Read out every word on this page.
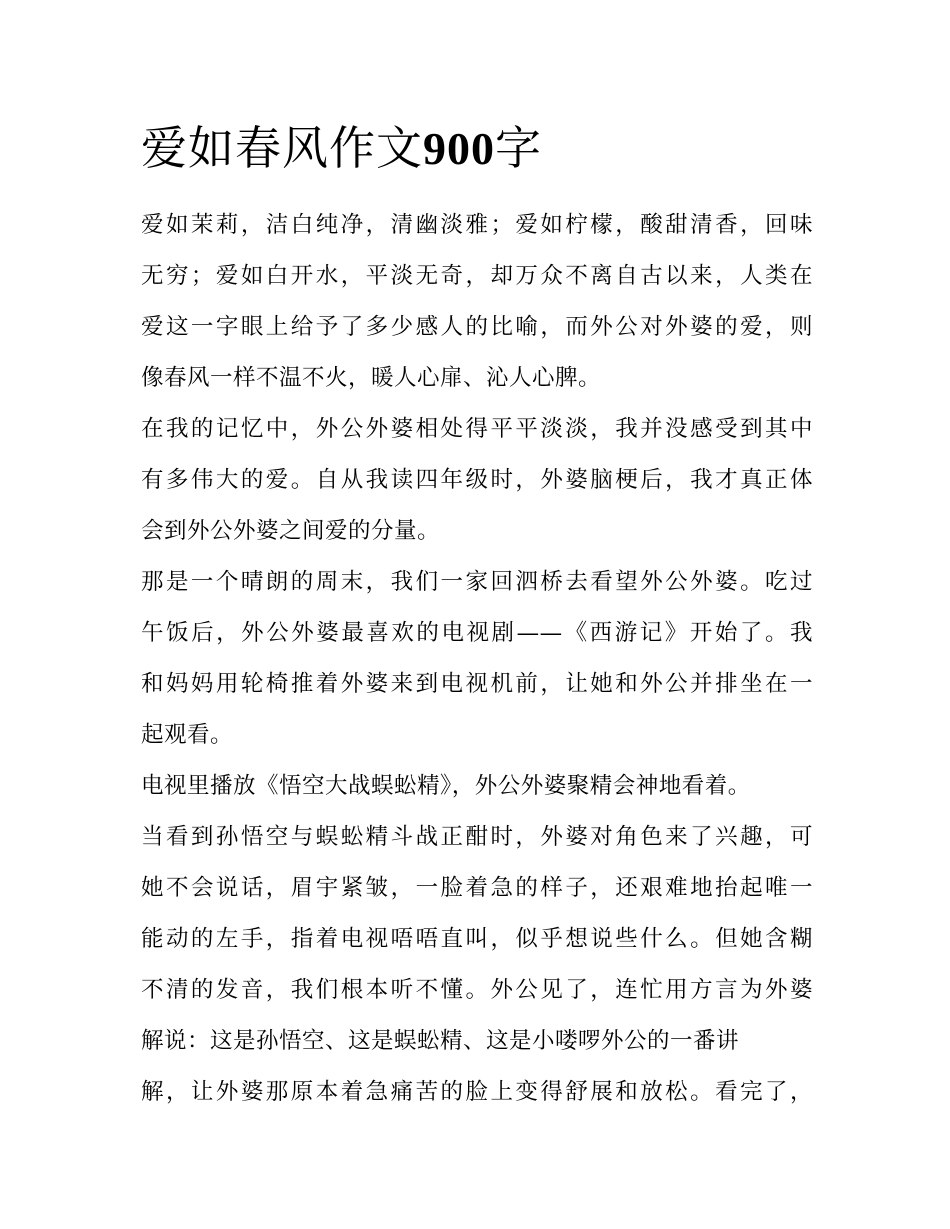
爱如春风作文900字
爱如茉莉，洁白纯净，清幽淡雅；爱如柠檬，酸甜清香，回味
无穷；爱如白开水，平淡无奇，却万众不离自古以来，人类在
爱这一字眼上给予了多少感人的比喻，而外公对外婆的爱，则
像春风一样不温不火，暖人心扉、沁人心脾。
在我的记忆中，外公外婆相处得平平淡淡，我并没感受到其中
有多伟大的爱。自从我读四年级时，外婆脑梗后，我才真正体
会到外公外婆之间爱的分量。
那是一个晴朗的周末，我们一家回泗桥去看望外公外婆。吃过
午饭后，外公外婆最喜欢的电视剧——《西游记》开始了。我
和妈妈用轮椅推着外婆来到电视机前，让她和外公并排坐在一
起观看。
电视里播放《悟空大战蜈蚣精》，外公外婆聚精会神地看着。
当看到孙悟空与蜈蚣精斗战正酣时，外婆对角色来了兴趣，可
她不会说话，眉宇紧皱，一脸着急的样子，还艰难地抬起唯一
能动的左手，指着电视唔唔直叫，似乎想说些什么。但她含糊
不清的发音，我们根本听不懂。外公见了，连忙用方言为外婆
解说：这是孙悟空、这是蜈蚣精、这是小喽啰外公的一番讲
解，让外婆那原本着急痛苦的脸上变得舒展和放松。看完了，
